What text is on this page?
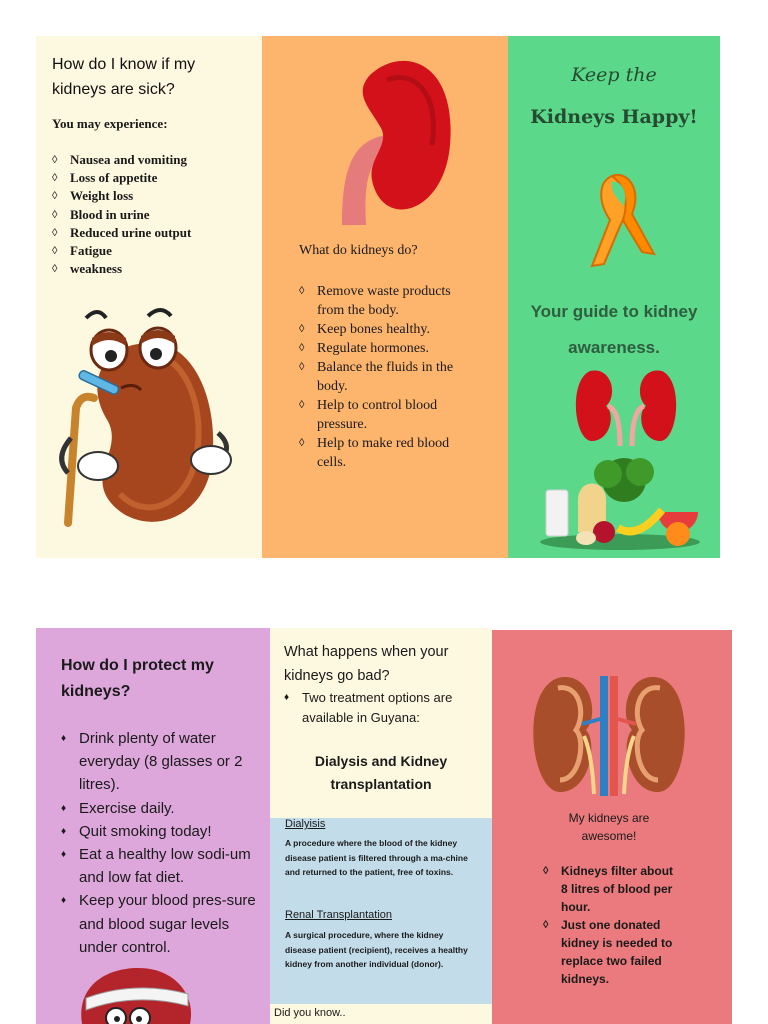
How do I know if my kidneys are sick?
You may experience:
◊ Nausea and vomiting
◊ Loss of appetite
◊ Weight loss
◊ Blood in urine
◊ Reduced urine output
◊ Fatigue
◊ weakness
What do kidneys do?
◊ Remove waste products from the body.
◊ Keep bones healthy.
◊ Regulate hormones.
◊ Balance the fluids in the body.
◊ Help to control blood pressure.
◊ Help to make red blood cells.
Keep the
Kidneys Happy!
Your guide to kidney awareness.
How do I protect my kidneys?
♦ Drink plenty of water everyday (8 glasses or 2 litres).
♦ Exercise daily.
♦ Quit smoking today!
♦ Eat a healthy low sodi-um and low fat diet.
♦ Keep your blood pres-sure and blood sugar levels under control.
What happens when your kidneys go bad?
♦ Two treatment options are available in Guyana:
Dialysis and Kidney transplantation
Dialyisis
A procedure where the blood of the kidney disease patient is filtered through a ma-chine and returned to the patient, free of toxins.
Renal Transplantation
A surgical procedure, where the kidney disease patient (recipient), receives a healthy kidney from another individual (donor).
Did you know..
My kidneys are awesome!
◊ Kidneys filter about 8 litres of blood per hour.
◊ Just one donated kidney is needed to replace two failed kidneys.
